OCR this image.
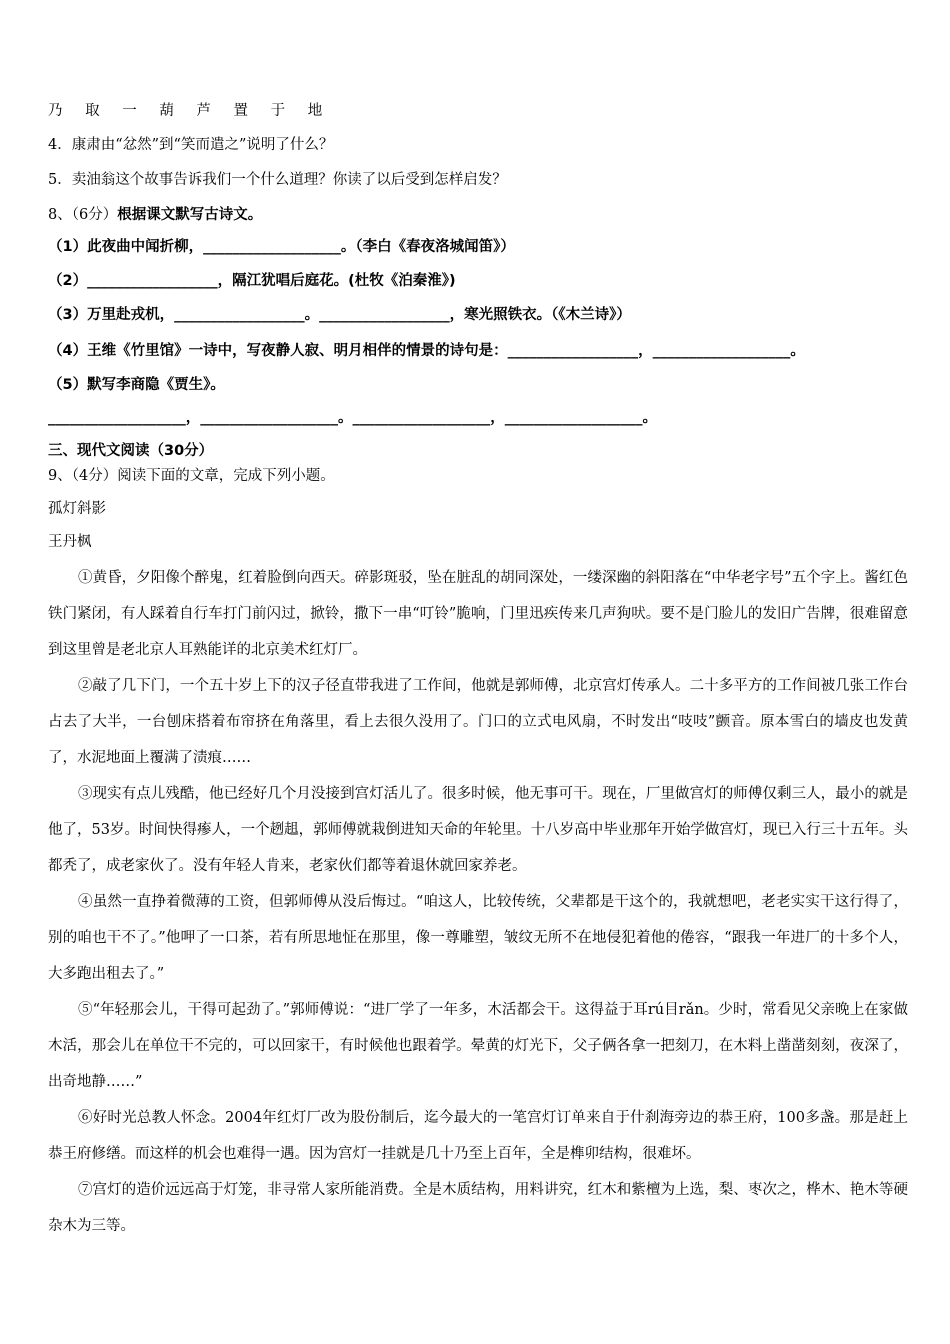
乃 取 一 葫 芦 置 于 地
4．康肃由“忿然”到“笑而遣之”说明了什么？
5．卖油翁这个故事告诉我们一个什么道理？你读了以后受到怎样启发？
8、（6分）根据课文默写古诗文。
（1）此夜曲中闻折柳，___________________。（李白《春夜洛城闻笛》）
（2）__________________，隔江犹唱后庭花。(杜牧《泊秦淮》)
（3）万里赴戎机，__________________。__________________，寒光照铁衣。（《木兰诗》）
（4）王维《竹里馆》一诗中，写夜静人寂、明月相伴的情景的诗句是：__________________，___________________。
（5）默写李商隐《贾生》。
___________________，___________________。___________________，___________________。
三、现代文阅读（30分）
9、（4分）阅读下面的文章，完成下列小题。
孤灯斜影
王丹枫
①黄昏，夕阳像个醉鬼，红着脸倒向西天。碎影斑驳，坠在脏乱的胡同深处，一缕深幽的斜阳落在“中华老字号”五个字上。酱红色铁门紧闭，有人踩着自行车打门前闪过，掀铃，撒下一串“叮铃”脆响，门里迅疾传来几声狗吠。要不是门脸儿的发旧广告牌，很难留意到这里曾是老北京人耳熟能详的北京美术红灯厂。
②敲了几下门，一个五十岁上下的汉子径直带我进了工作间，他就是郭师傅，北京宫灯传承人。二十多平方的工作间被几张工作台占去了大半，一台刨床搭着布帘挤在角落里，看上去很久没用了。门口的立式电风扇，不时发出“吱吱”颤音。原本雪白的墙皮也发黄了，水泥地面上覆满了渍痕……
③现实有点儿残酷，他已经好几个月没接到宫灯活儿了。很多时候，他无事可干。现在，厂里做宫灯的师傅仅剩三人，最小的就是他了，53岁。时间快得瘆人，一个趔趄，郭师傅就栽倒进知天命的年轮里。十八岁高中毕业那年开始学做宫灯，现已入行三十五年。头都秃了，成老家伙了。没有年轻人肯来，老家伙们都等着退休就回家养老。
④虽然一直挣着微薄的工资，但郭师傅从没后悔过。“咱这人，比较传统，父辈都是干这个的，我就想吧，老老实实干这行得了，别的咱也干不了。”他呷了一口茶，若有所思地怔在那里，像一尊雕塑，皱纹无所不在地侵犯着他的倦容，“跟我一年进厂的十多个人，大多跑出租去了。”
⑤“年轻那会儿，干得可起劲了。”郭师傅说：“进厂学了一年多，木活都会干。这得益于耳rú目rǎn。少时，常看见父亲晚上在家做木活，那会儿在单位干不完的，可以回家干，有时候他也跟着学。晕黄的灯光下，父子俩各拿一把刻刀，在木料上凿凿刻刻，夜深了，出奇地静……”
⑥好时光总教人怀念。2004年红灯厂改为股份制后，迄今最大的一笔宫灯订单来自于什刹海旁边的恭王府，100多盏。那是赶上恭王府修缮。而这样的机会也难得一遇。因为宫灯一挂就是几十乃至上百年，全是榫卯结构，很难坏。
⑦宫灯的造价远远高于灯笼，非寻常人家所能消费。全是木质结构，用料讲究，红木和紫檀为上选，梨、枣次之，桦木、艳木等硬杂木为三等。
